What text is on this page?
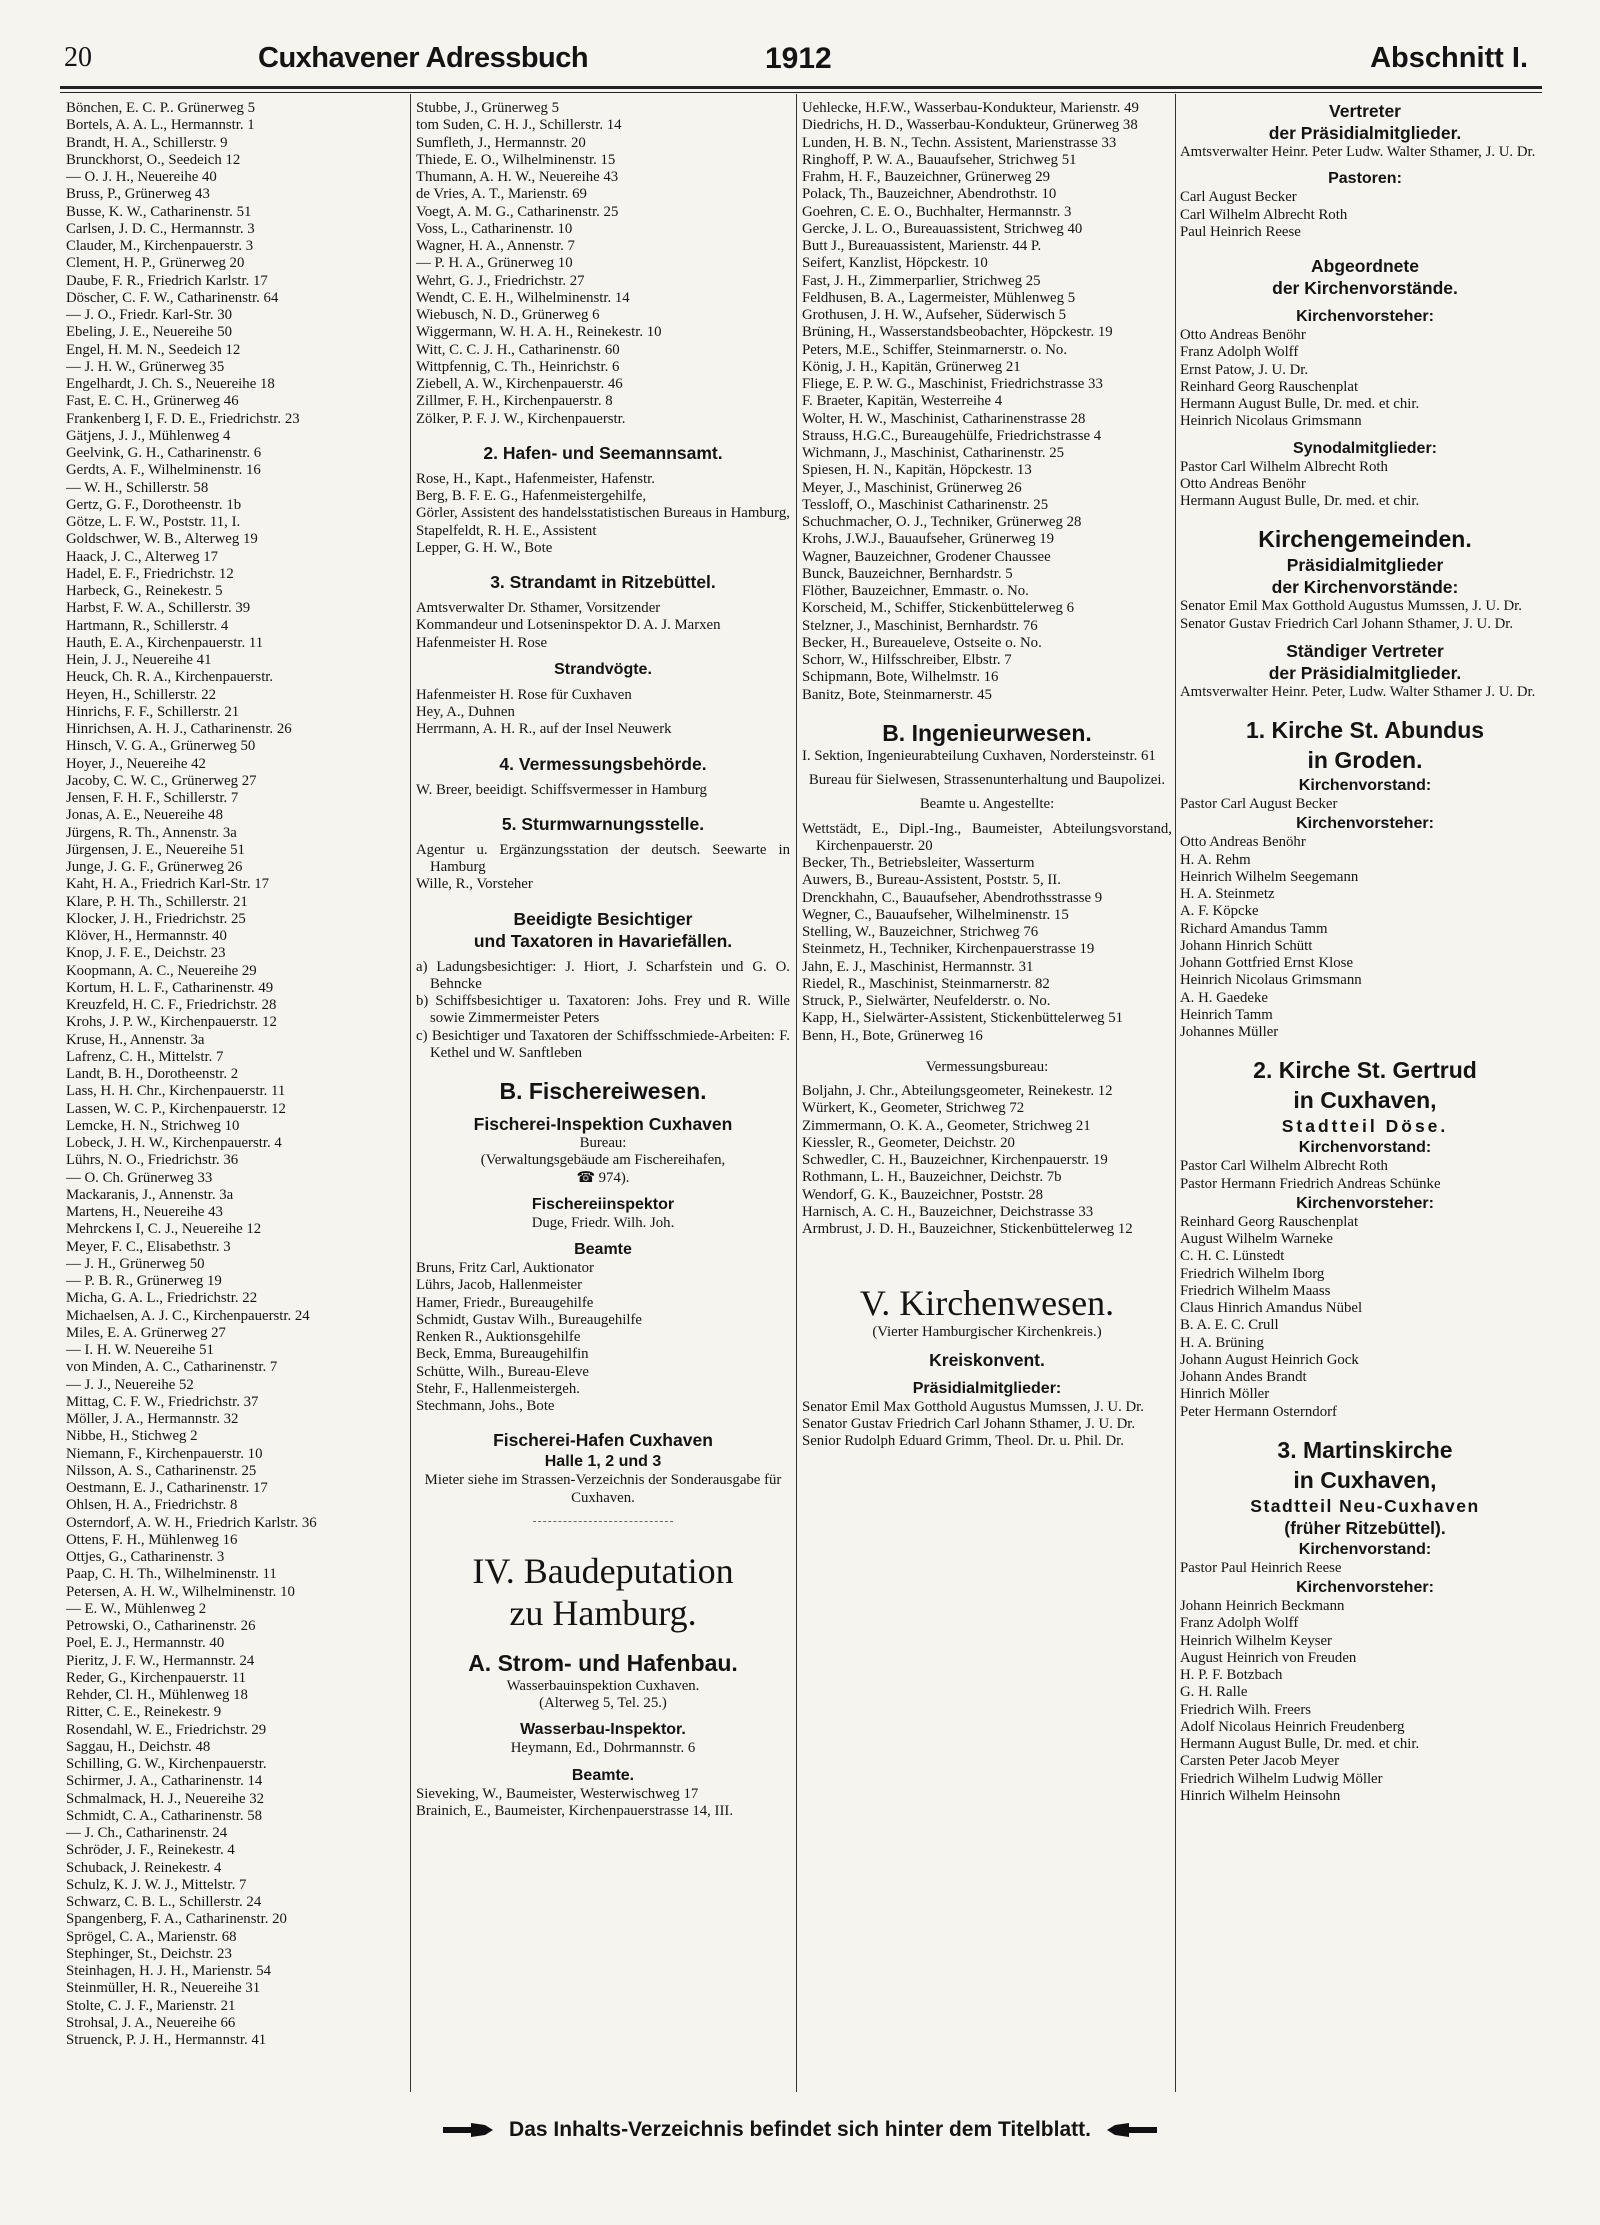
20	Cuxhavener Adressbuch	1912	Abschnitt I.
Bönchen, E. C. P.. Grünerweg 5
Bortels, A. A. L., Hermannstr. 1
Brandt, H. A., Schillerstr. 9
Brunckhorst, O., Seedeich 12
— O. J. H., Neuereihe 40
Bruss, P., Grünerweg 43
Busse, K. W., Catharinenstr. 51
Carlsen, J. D. C., Hermannstr. 3
Clauder, M., Kirchenpauerstr. 3
Clement, H. P., Grünerweg 20
Daube, F. R., Friedrich Karlstr. 17
Döscher, C. F. W., Catharinenstr. 64
— J. O., Friedr. Karl-Str. 30
Ebeling, J. E., Neuereihe 50
Engel, H. M. N., Seedeich 12
— J. H. W., Grünerweg 35
Engelhardt, J. Ch. S., Neuereihe 18
Fast, E. C. H., Grünerweg 46
Frankenberg I, F. D. E., Friedrichstr. 23
Gätjens, J. J., Mühlenweg 4
Geelvink, G. H., Catharinenstr. 6
Gerdts, A. F., Wilhelminenstr. 16
— W. H., Schillerstr. 58
Gertz, G. F., Dorotheenstr. 1b
Götze, L. F. W., Poststr. 11, I.
Goldschwer, W. B., Alterweg 19
Haack, J. C., Alterweg 17
Hadel, E. F., Friedrichstr. 12
Harbeck, G., Reinekestr. 5
Harbst, F. W. A., Schillerstr. 39
Hartmann, R., Schillerstr. 4
Hauth, E. A., Kirchenpauerstr. 11
Hein, J. J., Neuereihe 41
Heuck, Ch. R. A., Kirchenpauerstr.
Heyen, H., Schillerstr. 22
Hinrichs, F. F., Schillerstr. 21
Hinrichsen, A. H. J., Catharinenstr. 26
Hinsch, V. G. A., Grünerweg 50
Hoyer, J., Neuereihe 42
Jacoby, C. W. C., Grünerweg 27
Jensen, F. H. F., Schillerstr. 7
Jonas, A. E., Neuereihe 48
Jürgens, R. Th., Annenstr. 3a
Jürgensen, J. E., Neuereihe 51
Junge, J. G. F., Grünerweg 26
Kaht, H. A., Friedrich Karl-Str. 17
Klare, P. H. Th., Schillerstr. 21
Klocker, J. H., Friedrichstr. 25
Klöver, H., Hermannstr. 40
Knop, J. F. E., Deichstr. 23
Koopmann, A. C., Neuereihe 29
Kortum, H. L. F., Catharinenstr. 49
Kreuzfeld, H. C. F., Friedrichstr. 28
Krohs, J. P. W., Kirchenpauerstr. 12
Kruse, H., Annenstr. 3a
Lafrenz, C. H., Mittelstr. 7
Landt, B. H., Dorotheenstr. 2
Lass, H. H. Chr., Kirchenpauerstr. 11
Lassen, W. C. P., Kirchenpauerstr. 12
Lemcke, H. N., Strichweg 10
Lobeck, J. H. W., Kirchenpauerstr. 4
Lührs, N. O., Friedrichstr. 36
— O. Ch. Grünerweg 33
Mackaranis, J., Annenstr. 3a
Martens, H., Neuereihe 43
Mehrckens I, C. J., Neuereihe 12
Meyer, F. C., Elisabethstr. 3
— J. H., Grünerweg 50
— P. B. R., Grünerweg 19
Micha, G. A. L., Friedrichstr. 22
Michaelsen, A. J. C., Kirchenpauerstr. 24
Miles, E. A. Grünerweg 27
— I. H. W. Neuereihe 51
von Minden, A. C., Catharinenstr. 7
— J. J., Neuereihe 52
Mittag, C. F. W., Friedrichstr. 37
Möller, J. A., Hermannstr. 32
Nibbe, H., Stichweg 2
Niemann, F., Kirchenpauerstr. 10
Nilsson, A. S., Catharinenstr. 25
Oestmann, E. J., Catharinenstr. 17
Ohlsen, H. A., Friedrichstr. 8
Osterndorf, A. W. H., Friedrich Karlstr. 36
Ottens, F. H., Mühlenweg 16
Ottjes, G., Catharinenstr. 3
Paap, C. H. Th., Wilhelminenstr. 11
Petersen, A. H. W., Wilhelminenstr. 10
— E. W., Mühlenweg 2
Petrowski, O., Catharinenstr. 26
Poel, E. J., Hermannstr. 40
Pieritz, J. F. W., Hermannstr. 24
Reder, G., Kirchenpauerstr. 11
Rehder, Cl. H., Mühlenweg 18
Ritter, C. E., Reinekestr. 9
Rosendahl, W. E., Friedrichstr. 29
Saggau, H., Deichstr. 48
Schilling, G. W., Kirchenpauerstr.
Schirmer, J. A., Catharinenstr. 14
Schmalmack, H. J., Neuereihe 32
Schmidt, C. A., Catharinenstr. 58
— J. Ch., Catharinenstr. 24
Schröder, J. F., Reinekestr. 4
Schuback, J. Reinekestr. 4
Schulz, K. J. W. J., Mittelstr. 7
Schwarz, C. B. L., Schillerstr. 24
Spangenberg, F. A., Catharinenstr. 20
Sprögel, C. A., Marienstr. 68
Stephinger, St., Deichstr. 23
Steinhagen, H. J. H., Marienstr. 54
Steinmüller, H. R., Neuereihe 31
Stolte, C. J. F., Marienstr. 21
Strohsal, J. A., Neuereihe 66
Struenck, P. J. H., Hermannstr. 41
Stubbe, J., Grünerweg 5
tom Suden, C. H. J., Schillerstr. 14
Sumfleth, J., Hermannstr. 20
Thiede, E. O., Wilhelminenstr. 15
Thumann, A. H. W., Neuereihe 43
de Vries, A. T., Marienstr. 69
Voegt, A. M. G., Catharinenstr. 25
Voss, L., Catharinenstr. 10
Wagner, H. A., Annenstr. 7
— P. H. A., Grünerweg 10
Wehrt, G. J., Friedrichstr. 27
Wendt, C. E. H., Wilhelminenstr. 14
Wiebusch, N. D., Grünerweg 6
Wiggermann, W. H. A. H., Reinekestr. 10
Witt, C. C. J. H., Catharinenstr. 60
Wittpfennig, C. Th., Heinrichstr. 6
Ziebell, A. W., Kirchenpauerstr. 46
Zillmer, F. H., Kirchenpauerstr. 8
Zölker, P. F. J. W., Kirchenpauerstr.
2. Hafen- und Seemannsamt.
Rose, H., Kapt., Hafenmeister, Hafenstr.
Berg, B. F. E. G., Hafenmeistergehilfe,
Görler, Assistent des handelsstatistischen Bureaus in Hamburg,
Stapelfeldt, R. H. E., Assistent
Lepper, G. H. W., Bote
3. Strandamt in Ritzebüttel.
Amtsverwalter Dr. Sthamer, Vorsitzender
Kommandeur und Lotseninspektor D. A. J. Marxen
Hafenmeister H. Rose
Strandvögte.
Hafenmeister H. Rose für Cuxhaven
Hey, A., Duhnen
Herrmann, A. H. R., auf der Insel Neuwerk
4. Vermessungsbehörde.
W. Breer, beeidigt. Schiffsvermesser in Hamburg
5. Sturmwarnungsstelle.
Agentur u. Ergänzungsstation der deutsch. Seewarte in Hamburg
Wille, R., Vorsteher
Beeidigte Besichtiger
und Taxatoren in Havariefällen.
a) Ladungsbesichtiger: J. Hiort, J. Scharfstein und G. O. Behncke
b) Schiffsbesichtiger u. Taxatoren: Johs. Frey und R. Wille sowie Zimmermeister Peters
c) Besichtiger und Taxatoren der Schiffsschmiede-Arbeiten: F. Kethel und W. Sanftleben
B. Fischereiwesen.
Fischerei-Inspektion Cuxhaven
Bureau:
(Verwaltungsgebäude am Fischereihafen,
☎ 974).
Fischereiinspektor
Duge, Friedr. Wilh. Joh.
Beamte
Bruns, Fritz Carl, Auktionator
Lührs, Jacob, Hallenmeister
Hamer, Friedr., Bureaugehilfe
Schmidt, Gustav Wilh., Bureaugehilfe
Renken R., Auktionsgehilfe
Beck, Emma, Bureaugehilfin
Schütte, Wilh., Bureau-Eleve
Stehr, F., Hallenmeistergeh.
Stechmann, Johs., Bote
Fischerei-Hafen Cuxhaven
Halle 1, 2 und 3
Mieter siehe im Strassen-Verzeichnis der Sonderausgabe für Cuxhaven.
IV. Baudeputation
zu Hamburg.
A. Strom- und Hafenbau.
Wasserbauinspektion Cuxhaven.
(Alterweg 5, Tel. 25.)
Wasserbau-Inspektor.
Heymann, Ed., Dohrmannstr. 6
Beamte.
Sieveking, W., Baumeister, Westerwischweg 17
Brainich, E., Baumeister, Kirchenpauerstrasse 14, III.
Uehlecke, H.F.W., Wasserbau-Kondukteur, Marienstr. 49
Diedrichs, H. D., Wasserbau-Kondukteur, Grünerweg 38
Lunden, H. B. N., Techn. Assistent, Marienstrasse 33
Ringhoff, P. W. A., Bauaufseher, Strichweg 51
Frahm, H. F., Bauzeichner, Grünerweg 29
Polack, Th., Bauzeichner, Abendrothstr. 10
Goehren, C. E. O., Buchhalter, Hermannstr. 3
Gercke, J. L. O., Bureauassistent, Strichweg 40
Butt J., Bureauassistent, Marienstr. 44 P.
Seifert, Kanzlist, Höpckestr. 10
Fast, J. H., Zimmerparlier, Strichweg 25
Feldhusen, B. A., Lagermeister, Mühlenweg 5
Grothusen, J. H. W., Aufseher, Süderwisch 5
Brüning, H., Wasserstandsbeobachter, Höpckestr. 19
Peters, M.E., Schiffer, Steinmarnerstr. o. No.
König, J. H., Kapitän, Grünerweg 21
Fliege, E. P. W. G., Maschinist, Friedrichstrasse 33
F. Braeter, Kapitän, Westerreihe 4
Wolter, H. W., Maschinist, Catharinenstrasse 28
Strauss, H.G.C., Bureaugehülfe, Friedrichstrasse 4
Wichmann, J., Maschinist, Catharinenstr. 25
Spiesen, H. N., Kapitän, Höpckestr. 13
Meyer, J., Maschinist, Grünerweg 26
Tessloff, O., Maschinist Catharinenstr. 25
Schuchmacher, O. J., Techniker, Grünerweg 28
Krohs, J.W.J., Bauaufseher, Grünerweg 19
Wagner, Bauzeichner, Grodener Chaussee
Bunck, Bauzeichner, Bernhardstr. 5
Flöther, Bauzeichner, Emmastr. o. No.
Korscheid, M., Schiffer, Stickenbüttelerweg 6
Stelzner, J., Maschinist, Bernhardstr. 76
Becker, H., Bureaueleve, Ostseite o. No.
Schorr, W., Hilfsschreiber, Elbstr. 7
Schipmann, Bote, Wilhelmstr. 16
Banitz, Bote, Steinmarnerstr. 45
B. Ingenieurwesen.
I. Sektion, Ingenieurabteilung Cuxhaven, Nordersteinstr. 61
Bureau für Sielwesen, Strassenunterhaltung und Baupolizei.
Beamte u. Angestellte:
Wettstädt, E., Dipl.-Ing., Baumeister, Abteilungsvorstand, Kirchenpauerstr. 20
Becker, Th., Betriebsleiter, Wasserturm
Auwers, B., Bureau-Assistent, Poststr. 5, II.
Drenckhahn, C., Bauaufseher, Abendrothsstrasse 9
Wegner, C., Bauaufseher, Wilhelminenstr. 15
Stelling, W., Bauzeichner, Strichweg 76
Steinmetz, H., Techniker, Kirchenpauerstrasse 19
Jahn, E. J., Maschinist, Hermannstr. 31
Riedel, R., Maschinist, Steinmarnerstr. 82
Struck, P., Sielwärter, Neufelderstr. o. No.
Kapp, H., Sielwärter-Assistent, Stickenbüttelerweg 51
Benn, H., Bote, Grünerweg 16
Vermessungsbureau:
Boljahn, J. Chr., Abteilungsgeometer, Reinekestr. 12
Würkert, K., Geometer, Strichweg 72
Zimmermann, O. K. A., Geometer, Strichweg 21
Kiessler, R., Geometer, Deichstr. 20
Schwedler, C. H., Bauzeichner, Kirchenpauerstr. 19
Rothmann, L. H., Bauzeichner, Deichstr. 7b
Wendorf, G. K., Bauzeichner, Poststr. 28
Harnisch, A. C. H., Bauzeichner, Deichstrasse 33
Armbrust, J. D. H., Bauzeichner, Stickenbüttelerweg 12
V. Kirchenwesen.
(Vierter Hamburgischer Kirchenkreis.)
Kreiskonvent.
Präsidialmitglieder:
Senator Emil Max Gotthold Augustus Mumssen, J. U. Dr.
Senator Gustav Friedrich Carl Johann Sthamer, J. U. Dr.
Senior Rudolph Eduard Grimm, Theol. Dr. u. Phil. Dr.
Vertreter
der Präsidialmitglieder.
Amtsverwalter Heinr. Peter Ludw. Walter Sthamer, J. U. Dr.
Pastoren:
Carl August Becker
Carl Wilhelm Albrecht Roth
Paul Heinrich Reese
Abgeordnete
der Kirchenvorstände.
Kirchenvorsteher:
Otto Andreas Benöhr
Franz Adolph Wolff
Ernst Patow, J. U. Dr.
Reinhard Georg Rauschenplat
Hermann August Bulle, Dr. med. et chir.
Heinrich Nicolaus Grimsmann
Synodalmitglieder:
Pastor Carl Wilhelm Albrecht Roth
Otto Andreas Benöhr
Hermann August Bulle, Dr. med. et chir.
Kirchengemeinden.
Präsidialmitglieder
der Kirchenvorstände:
Senator Emil Max Gotthold Augustus Mumssen, J. U. Dr.
Senator Gustav Friedrich Carl Johann Sthamer, J. U. Dr.
Ständiger Vertreter
der Präsidialmitglieder.
Amtsverwalter Heinr. Peter, Ludw. Walter Sthamer J. U. Dr.
1. Kirche St. Abundus
in Groden.
Kirchenvorstand:
Pastor Carl August Becker
Kirchenvorsteher:
Otto Andreas Benöhr
H. A. Rehm
Heinrich Wilhelm Seegemann
H. A. Steinmetz
A. F. Köpcke
Richard Amandus Tamm
Johann Hinrich Schütt
Johann Gottfried Ernst Klose
Heinrich Nicolaus Grimsmann
A. H. Gaedeke
Heinrich Tamm
Johannes Müller
2. Kirche St. Gertrud
in Cuxhaven,
Stadtteil Döse.
Kirchenvorstand:
Pastor Carl Wilhelm Albrecht Roth
Pastor Hermann Friedrich Andreas Schünke
Kirchenvorsteher:
Reinhard Georg Rauschenplat
August Wilhelm Warneke
C. H. C. Lünstedt
Friedrich Wilhelm Iborg
Friedrich Wilhelm Maass
Claus Hinrich Amandus Nübel
B. A. E. C. Crull
H. A. Brüning
Johann August Heinrich Gock
Johann Andes Brandt
Hinrich Möller
Peter Hermann Osterndorf
3. Martinskirche
in Cuxhaven,
Stadtteil Neu-Cuxhaven
(früher Ritzebüttel).
Kirchenvorstand:
Pastor Paul Heinrich Reese
Kirchenvorsteher:
Johann Heinrich Beckmann
Franz Adolph Wolff
Heinrich Wilhelm Keyser
August Heinrich von Freuden
H. P. F. Botzbach
G. H. Ralle
Friedrich Wilh. Freers
Adolf Nicolaus Heinrich Freudenberg
Hermann August Bulle, Dr. med. et chir.
Carsten Peter Jacob Meyer
Friedrich Wilhelm Ludwig Möller
Hinrich Wilhelm Heinsohn
Das Inhalts-Verzeichnis befindet sich hinter dem Titelblatt.
